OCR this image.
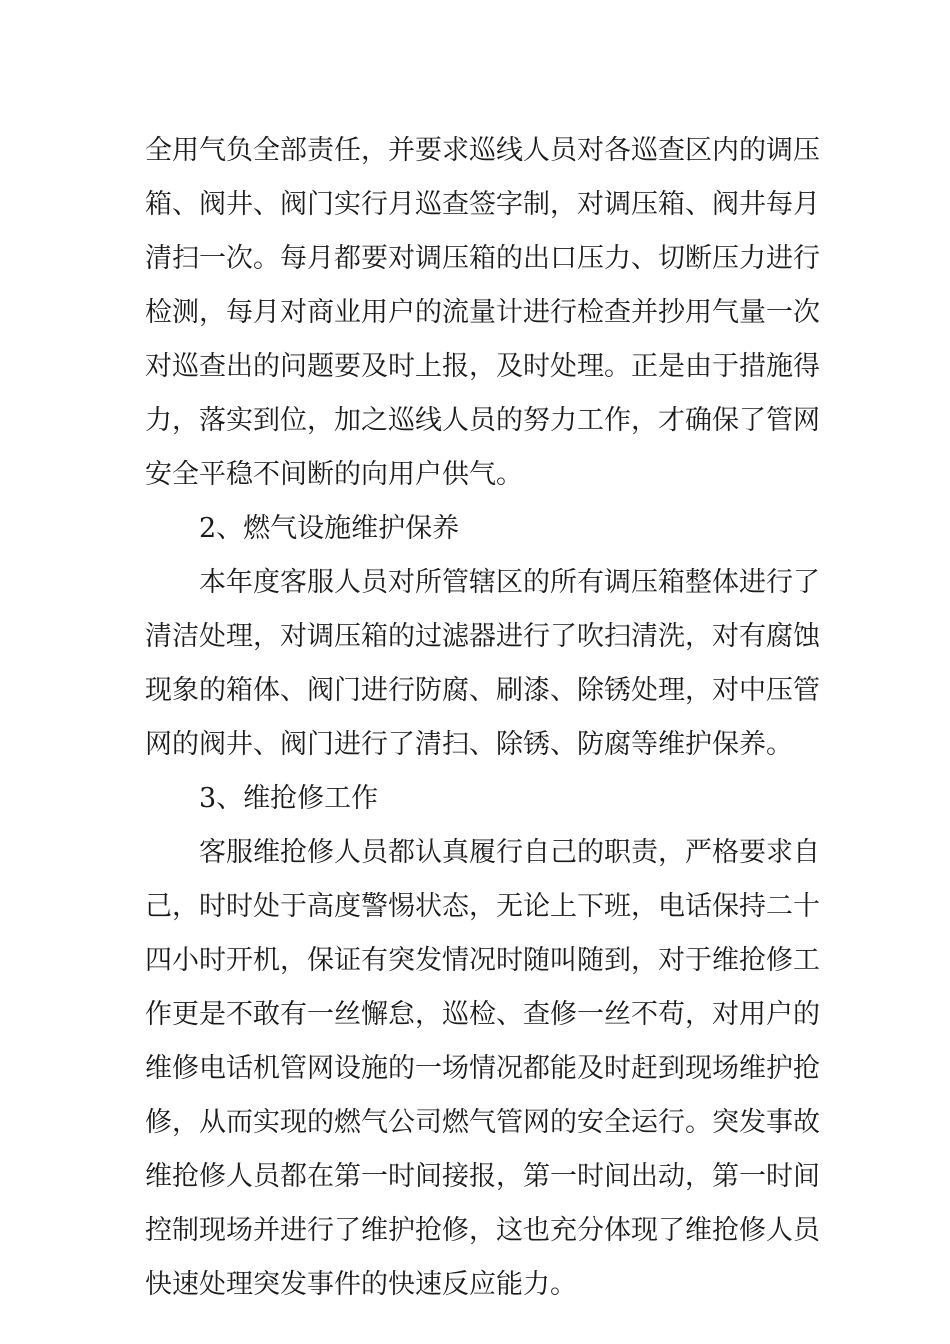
全用气负全部责任，并要求巡线人员对各巡查区内的调压
箱、阀井、阀门实行月巡查签字制，对调压箱、阀井每月
清扫一次。每月都要对调压箱的出口压力、切断压力进行
检测，每月对商业用户的流量计进行检查并抄用气量一次
对巡查出的问题要及时上报，及时处理。正是由于措施得
力，落实到位，加之巡线人员的努力工作，才确保了管网
安全平稳不间断的向用户供气。
2、燃气设施维护保养
本年度客服人员对所管辖区的所有调压箱整体进行了
清洁处理，对调压箱的过滤器进行了吹扫清洗，对有腐蚀
现象的箱体、阀门进行防腐、刷漆、除锈处理，对中压管
网的阀井、阀门进行了清扫、除锈、防腐等维护保养。
3、维抢修工作
客服维抢修人员都认真履行自己的职责，严格要求自
己，时时处于高度警惕状态，无论上下班，电话保持二十
四小时开机，保证有突发情况时随叫随到，对于维抢修工
作更是不敢有一丝懈怠，巡检、查修一丝不苟，对用户的
维修电话机管网设施的一场情况都能及时赶到现场维护抢
修，从而实现的燃气公司燃气管网的安全运行。突发事故
维抢修人员都在第一时间接报，第一时间出动，第一时间
控制现场并进行了维护抢修，这也充分体现了维抢修人员
快速处理突发事件的快速反应能力。
